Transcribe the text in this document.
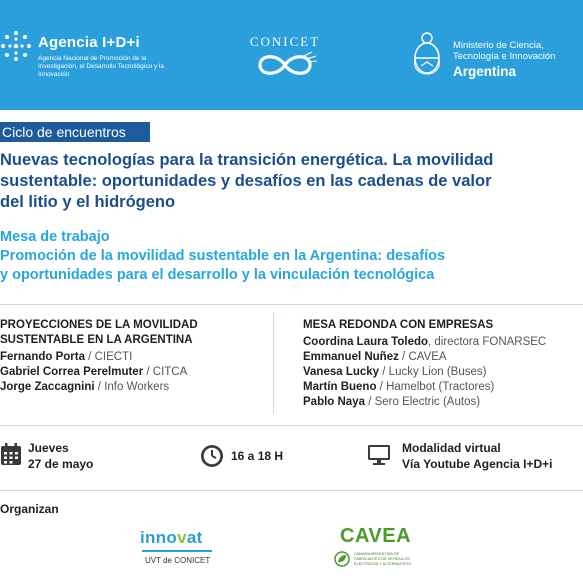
Agencia I+D+i
Agencia Nacional de Promoción de la Investigación, el Desarrollo Tecnológico y la Innovación
CONICET	Ministerio de Ciencia,
Tecnología e Innovación
Argentina
Ciclo de encuentros
Nuevas tecnologías para la transición energética. La movilidad
sustentable: oportunidades y desafíos en las cadenas de valor
del litio y el hidrógeno
Mesa de trabajo
Promoción de la movilidad sustentable en la Argentina: desafíos
y oportunidades para el desarrollo y la vinculación tecnológica
PROYECCIONES DE LA MOVILIDAD
SUSTENTABLE EN LA ARGENTINA
Fernando Porta / CIECTI
Gabriel Correa Perelmuter / CITCA
Jorge Zaccagnini / Info Workers
MESA REDONDA CON EMPRESAS
Coordina Laura Toledo, directora FONARSEC
Emmanuel Nuñez / CAVEA
Vanesa Lucky / Lucky Lion (Buses)
Martín Bueno / Hamelbot (Tractores)
Pablo Naya / Sero Electric (Autos)
Jueves
27 de mayo
16 a 18 H
Modalidad virtual
Vía Youtube Agencia I+D+i
Organizan
innovat
UVT de CONICET
CAVEA
CÁMARA ARGENTINA DE FABRICANTES DE VEHÍCULOS ELÉCTRICOS Y ALTERNATIVOS
